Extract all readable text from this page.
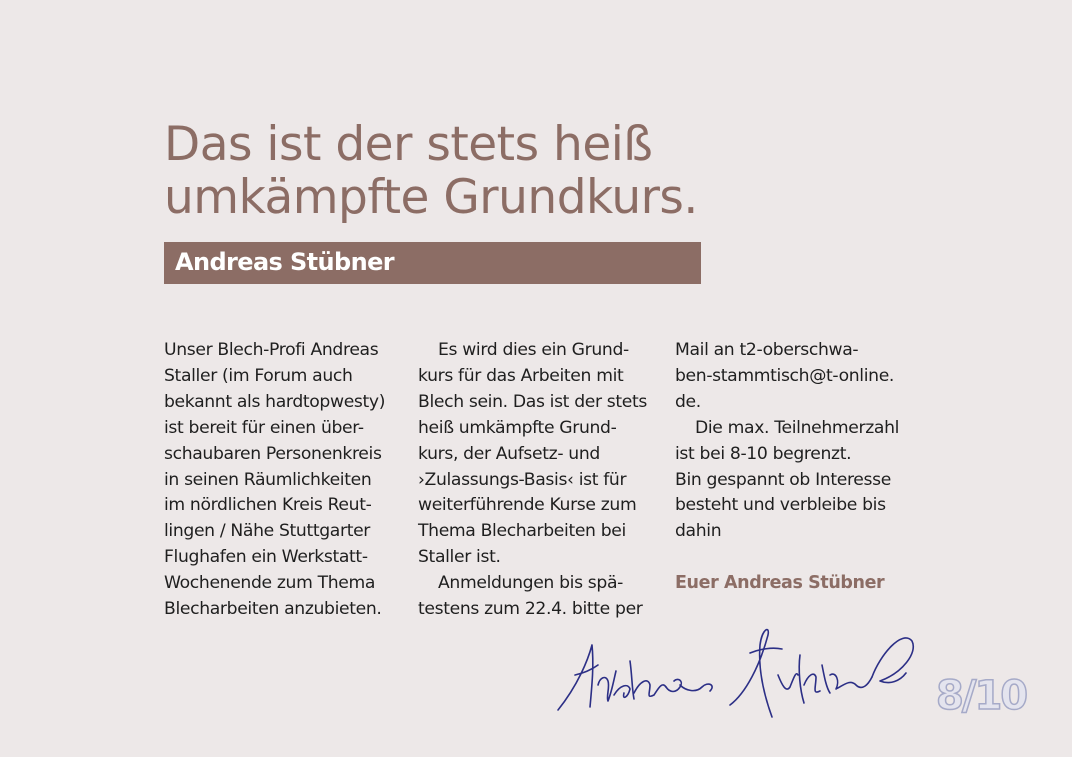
Das ist der stets heiß
umkämpfte Grundkurs.
Andreas Stübner
Unser Blech-Profi Andreas
Staller (im Forum auch
bekannt als hardtopwesty)
ist bereit für einen über-
schaubaren Personenkreis
in seinen Räumlichkeiten
im nördlichen Kreis Reut-
lingen / Nähe Stuttgarter
Flughafen ein Werkstatt-
Wochenende zum Thema
Blecharbeiten anzubieten.
Es wird dies ein Grund-
kurs für das Arbeiten mit
Blech sein. Das ist der stets
heiß umkämpfte Grund-
kurs, der Aufsetz- und
›Zulassungs-Basis‹ ist für
weiterführende Kurse zum
Thema Blecharbeiten bei
Staller ist.
Anmeldungen bis spä-
testens zum 22.4. bitte per
Mail an t2-oberschwa-
ben-stammtisch@t-online.
de.
Die max. Teilnehmerzahl
ist bei 8-10 begrenzt.
Bin gespannt ob Interesse
besteht und verbleibe bis
dahin
Euer Andreas Stübner
8/10
